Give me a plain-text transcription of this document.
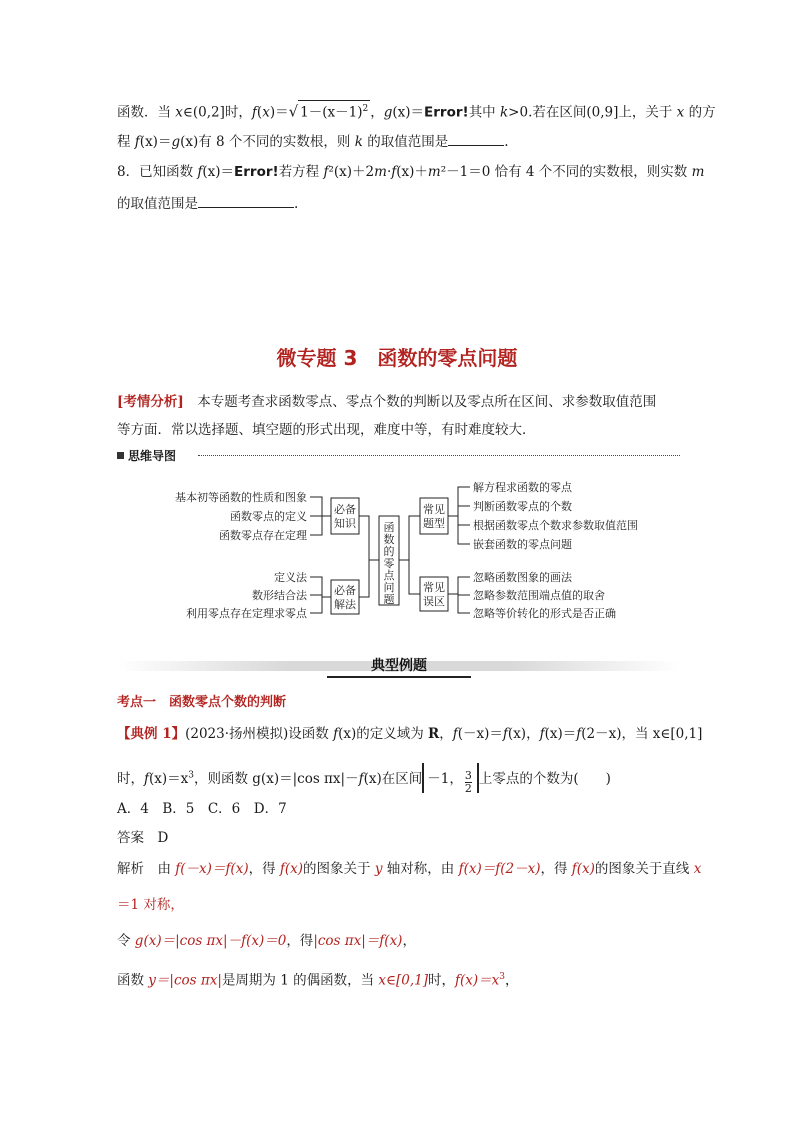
函数．当 x∈(0,2]时，f(x)＝√ $1-(x-1)^2$ ，g(x)＝Error!其中 k>0.若在区间(0,9]上，关于 x 的方
程 f(x)＝g(x)有 8 个不同的实数根，则 k 的取值范围是	.
8．已知函数 f(x)＝Error!若方程 f²(x)＋2m·f(x)＋m²－1＝0 恰有 4 个不同的实数根，则实数 m
的取值范围是	.
微专题 3　函数的零点问题
[考情分析]　本专题考查求函数零点、零点个数的判断以及零点所在区间、求参数取值范围
等方面．常以选择题、填空题的形式出现，难度中等，有时难度较大．
思维导图
函
数
的
零
点
问
题
必备
知识
必备
解法
常见
题型
常见
误区
基本初等函数的性质和图象
函数零点的定义
函数零点存在定理
定义法
数形结合法
利用零点存在定理求零点
解方程求函数的零点
判断函数零点的个数
根据函数零点个数求参数取值范围
嵌套函数的零点问题
忽略函数图象的画法
忽略参数范围端点值的取舍
忽略等价转化的形式是否正确
典型例题
考点一　函数零点个数的判断
【典例 1】(2023·扬州模拟)设函数 f(x)的定义域为 R，f(－x)＝f(x)，f(x)＝f(2－x)，当 x∈[0,1]
时，$f(x)=x^3$，则函数 g(x)＝|cos πx|－f(x)在区间 －1， $\frac{3}{2}$ 上零点的个数为(　　)
A．4　B．5　C．6　D．7
答案　 D
解析　 由 f(－x)＝f(x)，得 f(x)的图象关于 y 轴对称，由 f(x)＝f(2－x)，得 f(x)的图象关于直线 x
＝1 对称，
令 g(x)＝|cos πx|－f(x)＝0，得|cos πx|＝f(x)，
函数 y＝|cos πx|是周期为 1 的偶函数，当 x∈[0,1]时，$f(x)=x^3$，
